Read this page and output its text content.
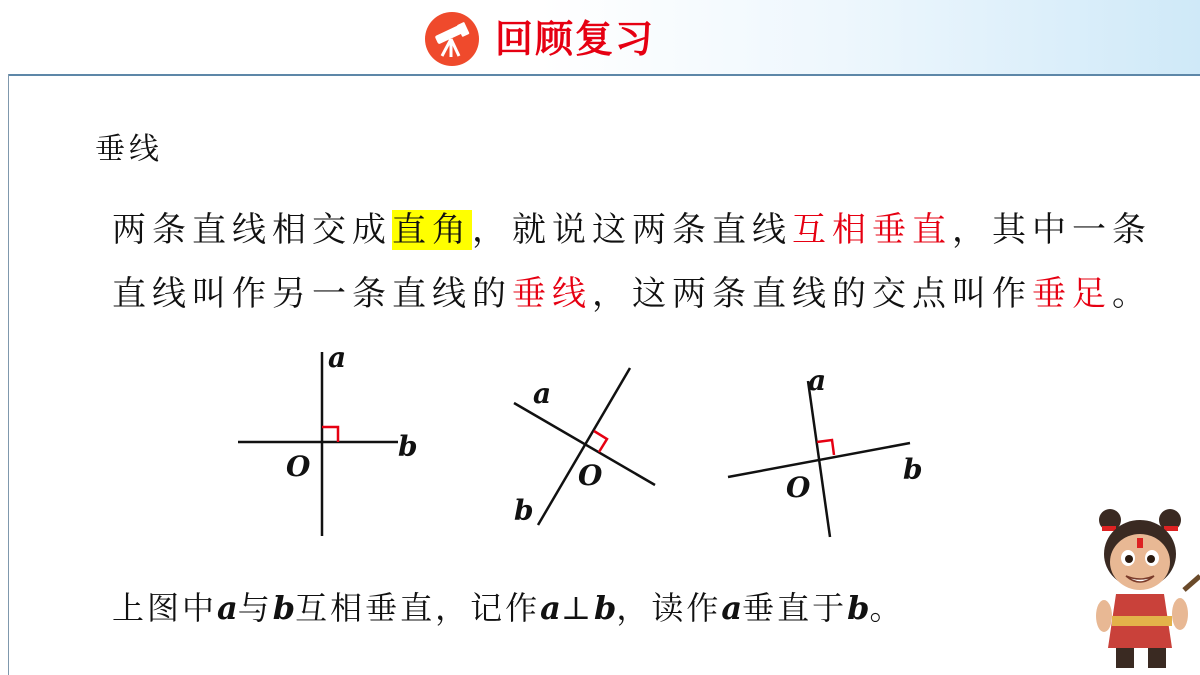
回顾复习
垂线
两条直线相交成直角，就说这两条直线互相垂直，其中一条直线叫作另一条直线的垂线，这两条直线的交点叫作垂足。
a
b
O
a
b
O
a
b
O
上图中a与b互相垂直，记作a⊥b，读作a垂直于b。
